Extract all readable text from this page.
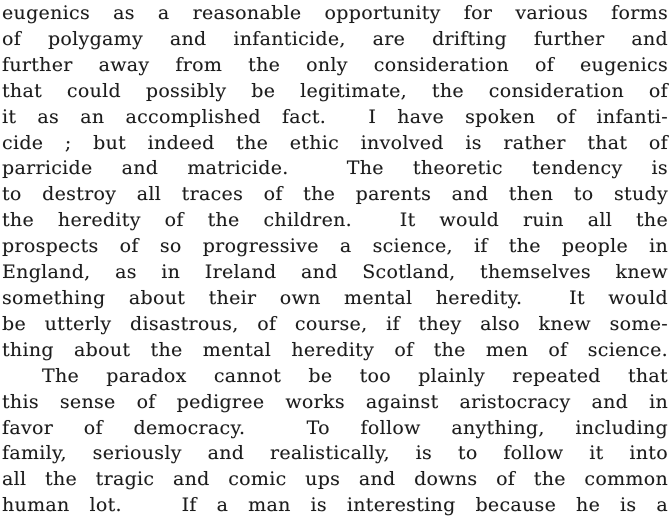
eugenics as a reasonable opportunity for various forms
of polygamy and infanticide, are drifting further and
further away from the only consideration of eugenics
that could possibly be legitimate, the consideration of
it as an accomplished fact.  I have spoken of infanti-
cide ; but indeed the ethic involved is rather that of
parricide and matricide.  The theoretic tendency is
to destroy all traces of the parents and then to study
the heredity of the children.  It would ruin all the
prospects of so progressive a science, if the people in
England, as in Ireland and Scotland, themselves knew
something about their own mental heredity.  It would
be utterly disastrous, of course, if they also knew some-
thing about the mental heredity of the men of science.

The paradox cannot be too plainly repeated that
this sense of pedigree works against aristocracy and in
favor of democracy.  To follow anything, including
family, seriously and realistically, is to follow it into
all the tragic and comic ups and downs of the common
human lot.   If a man is interesting because he is a
